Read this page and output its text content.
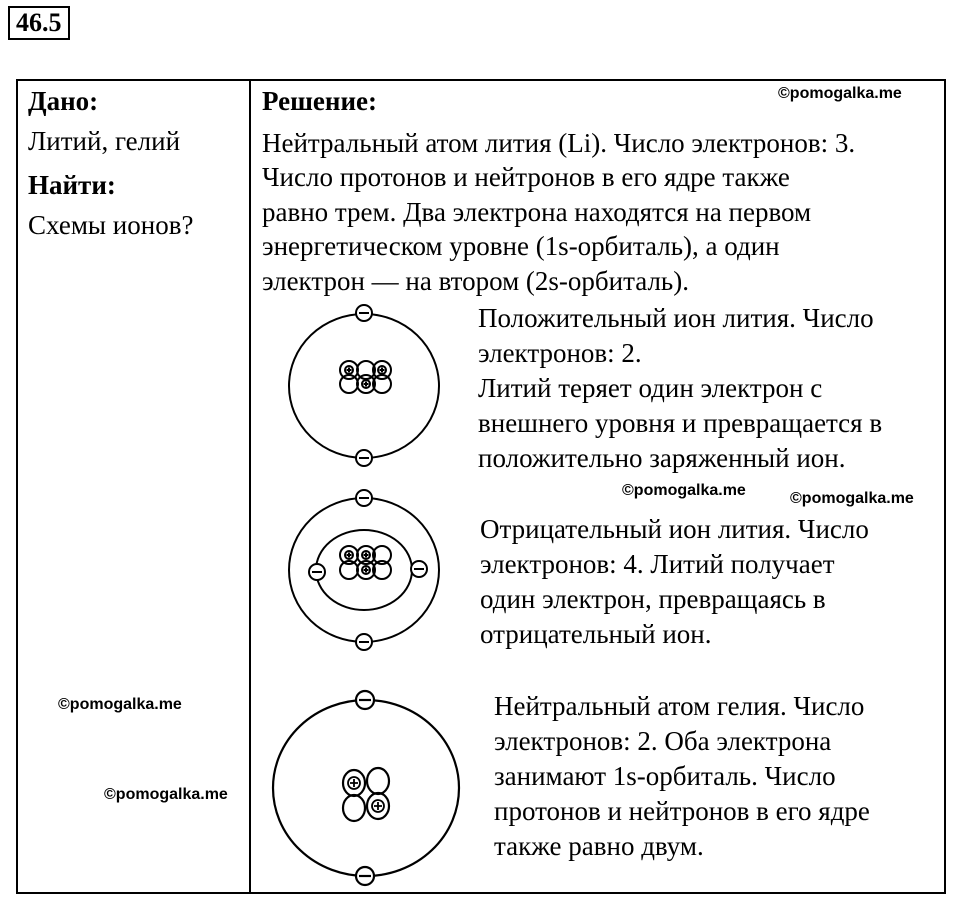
46.5
Дано:
Литий, гелий
Найти:
Схемы ионов?
Решение:	©pomogalka.me
©pomogalka.me	©pomogalka.me
©pomogalka.me
©pomogalka.me
Нейтральный атом лития (Li). Число электронов: 3.
Число протонов и нейтронов в его ядре также
равно трем. Два электрона находятся на первом
энергетическом уровне (1s-орбиталь), а один
электрон — на втором (2s-орбиталь).
Положительный ион лития. Число
электронов: 2.
Литий теряет один электрон с
внешнего уровня и превращается в
положительно заряженный ион.
Отрицательный ион лития. Число
электронов: 4. Литий получает
один электрон, превращаясь в
отрицательный ион.
Нейтральный атом гелия. Число
электронов: 2. Оба электрона
занимают 1s-орбиталь. Число
протонов и нейтронов в его ядре
также равно двум.
